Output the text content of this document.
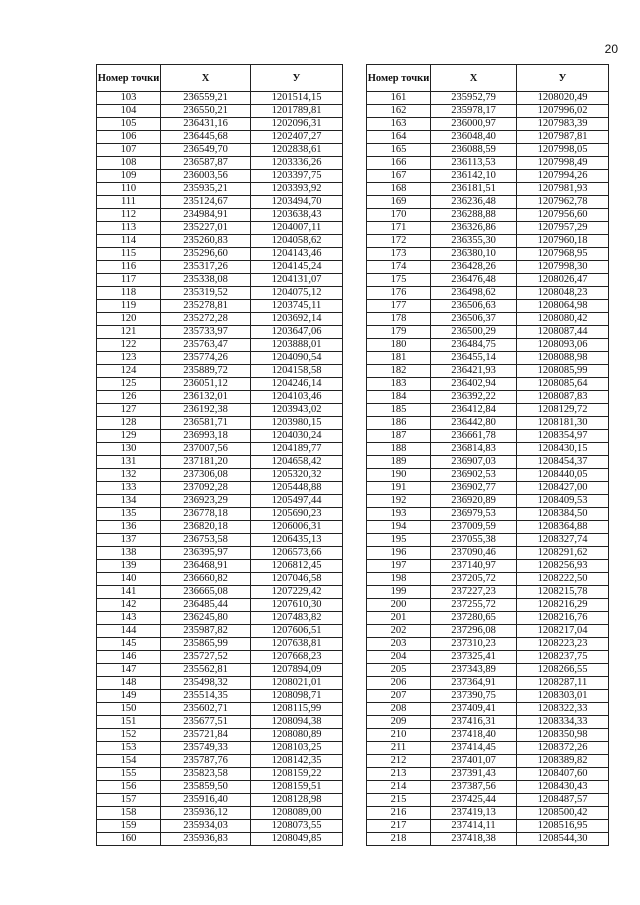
20
Номер точки	Х	У
103	236559,21	1201514,15
104	236550,21	1201789,81
105	236431,16	1202096,31
106	236445,68	1202407,27
107	236549,70	1202838,61
108	236587,87	1203336,26
109	236003,56	1203397,75
110	235935,21	1203393,92
111	235124,67	1203494,70
112	234984,91	1203638,43
113	235227,01	1204007,11
114	235260,83	1204058,62
115	235296,60	1204143,46
116	235317,26	1204145,24
117	235338,08	1204131,07
118	235319,52	1204075,12
119	235278,81	1203745,11
120	235272,28	1203692,14
121	235733,97	1203647,06
122	235763,47	1203888,01
123	235774,26	1204090,54
124	235889,72	1204158,58
125	236051,12	1204246,14
126	236132,01	1204103,46
127	236192,38	1203943,02
128	236581,71	1203980,15
129	236993,18	1204030,24
130	237007,56	1204189,77
131	237181,20	1204658,42
132	237306,08	1205320,32
133	237092,28	1205448,88
134	236923,29	1205497,44
135	236778,18	1205690,23
136	236820,18	1206006,31
137	236753,58	1206435,13
138	236395,97	1206573,66
139	236468,91	1206812,45
140	236660,82	1207046,58
141	236665,08	1207229,42
142	236485,44	1207610,30
143	236245,80	1207483,82
144	235987,82	1207606,51
145	235865,99	1207638,81
146	235727,52	1207668,23
147	235562,81	1207894,09
148	235498,32	1208021,01
149	235514,35	1208098,71
150	235602,71	1208115,99
151	235677,51	1208094,38
152	235721,84	1208080,89
153	235749,33	1208103,25
154	235787,76	1208142,35
155	235823,58	1208159,22
156	235859,50	1208159,51
157	235916,40	1208128,98
158	235936,12	1208089,00
159	235934,03	1208073,55
160	235936,83	1208049,85
Номер точки	Х	У
161	235952,79	1208020,49
162	235978,17	1207996,02
163	236000,97	1207983,39
164	236048,40	1207987,81
165	236088,59	1207998,05
166	236113,53	1207998,49
167	236142,10	1207994,26
168	236181,51	1207981,93
169	236236,48	1207962,78
170	236288,88	1207956,60
171	236326,86	1207957,29
172	236355,30	1207960,18
173	236380,10	1207968,95
174	236428,26	1207998,30
175	236476,48	1208026,47
176	236498,62	1208048,23
177	236506,63	1208064,98
178	236506,37	1208080,42
179	236500,29	1208087,44
180	236484,75	1208093,06
181	236455,14	1208088,98
182	236421,93	1208085,99
183	236402,94	1208085,64
184	236392,22	1208087,83
185	236412,84	1208129,72
186	236442,80	1208181,30
187	236661,78	1208354,97
188	236814,83	1208430,15
189	236907,03	1208454,37
190	236902,53	1208440,05
191	236902,77	1208427,00
192	236920,89	1208409,53
193	236979,53	1208384,50
194	237009,59	1208364,88
195	237055,38	1208327,74
196	237090,46	1208291,62
197	237140,97	1208256,93
198	237205,72	1208222,50
199	237227,23	1208215,78
200	237255,72	1208216,29
201	237280,65	1208216,76
202	237296,08	1208217,04
203	237310,23	1208223,23
204	237325,41	1208237,75
205	237343,89	1208266,55
206	237364,91	1208287,11
207	237390,75	1208303,01
208	237409,41	1208322,33
209	237416,31	1208334,33
210	237418,40	1208350,98
211	237414,45	1208372,26
212	237401,07	1208389,82
213	237391,43	1208407,60
214	237387,56	1208430,43
215	237425,44	1208487,57
216	237419,13	1208500,42
217	237414,11	1208516,95
218	237418,38	1208544,30
